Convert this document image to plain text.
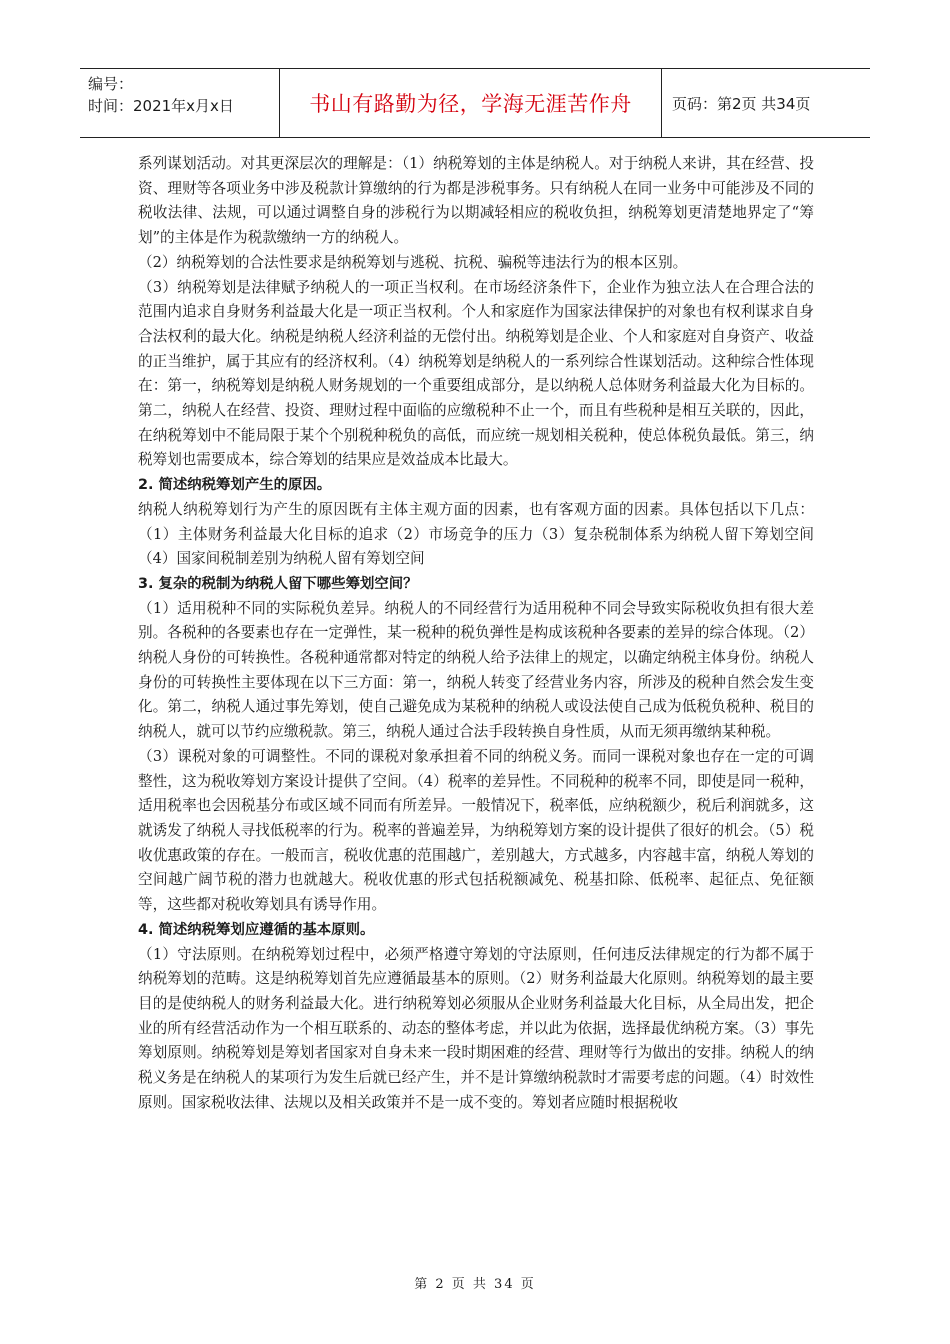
编号：
时间：2021年x月x日	书山有路勤为径，学海无涯苦作舟	页码：第2页 共34页

系列谋划活动。对其更深层次的理解是：（1）纳税筹划的主体是纳税人。对于纳税人来讲，其在经营、投资、理财等各项业务中涉及税款计算缴纳的行为都是涉税事务。只有纳税人在同一业务中可能涉及不同的税收法律、法规，可以通过调整自身的涉税行为以期减轻相应的税收负担，纳税筹划更清楚地界定了“筹划”的主体是作为税款缴纳一方的纳税人。

（2）纳税筹划的合法性要求是纳税筹划与逃税、抗税、骗税等违法行为的根本区别。

（3）纳税筹划是法律赋予纳税人的一项正当权利。在市场经济条件下，企业作为独立法人在合理合法的范围内追求自身财务利益最大化是一项正当权利。个人和家庭作为国家法律保护的对象也有权利谋求自身合法权利的最大化。纳税是纳税人经济利益的无偿付出。纳税筹划是企业、个人和家庭对自身资产、收益的正当维护，属于其应有的经济权利。（4）纳税筹划是纳税人的一系列综合性谋划活动。这种综合性体现在：第一，纳税筹划是纳税人财务规划的一个重要组成部分，是以纳税人总体财务利益最大化为目标的。第二，纳税人在经营、投资、理财过程中面临的应缴税种不止一个，而且有些税种是相互关联的，因此，在纳税筹划中不能局限于某个个别税种税负的高低，而应统一规划相关税种，使总体税负最低。第三，纳税筹划也需要成本，综合筹划的结果应是效益成本比最大。

2. 简述纳税筹划产生的原因。

纳税人纳税筹划行为产生的原因既有主体主观方面的因素，也有客观方面的因素。具体包括以下几点：（1）主体财务利益最大化目标的追求（2）市场竞争的压力（3）复杂税制体系为纳税人留下筹划空间（4）国家间税制差别为纳税人留有筹划空间

3. 复杂的税制为纳税人留下哪些筹划空间？

（1）适用税种不同的实际税负差异。纳税人的不同经营行为适用税种不同会导致实际税收负担有很大差别。各税种的各要素也存在一定弹性，某一税种的税负弹性是构成该税种各要素的差异的综合体现。（2）纳税人身份的可转换性。各税种通常都对特定的纳税人给予法律上的规定，以确定纳税主体身份。纳税人身份的可转换性主要体现在以下三方面：第一，纳税人转变了经营业务内容，所涉及的税种自然会发生变化。第二，纳税人通过事先筹划，使自己避免成为某税种的纳税人或设法使自己成为低税负税种、税目的纳税人，就可以节约应缴税款。第三，纳税人通过合法手段转换自身性质，从而无须再缴纳某种税。

（3）课税对象的可调整性。不同的课税对象承担着不同的纳税义务。而同一课税对象也存在一定的可调整性，这为税收筹划方案设计提供了空间。（4）税率的差异性。不同税种的税率不同，即使是同一税种，适用税率也会因税基分布或区域不同而有所差异。一般情况下，税率低，应纳税额少，税后利润就多，这就诱发了纳税人寻找低税率的行为。税率的普遍差异，为纳税筹划方案的设计提供了很好的机会。（5）税收优惠政策的存在。一般而言，税收优惠的范围越广，差别越大，方式越多，内容越丰富，纳税人筹划的空间越广阔节税的潜力也就越大。税收优惠的形式包括税额减免、税基扣除、低税率、起征点、免征额等，这些都对税收筹划具有诱导作用。

4. 简述纳税筹划应遵循的基本原则。

（1）守法原则。在纳税筹划过程中，必须严格遵守筹划的守法原则，任何违反法律规定的行为都不属于纳税筹划的范畴。这是纳税筹划首先应遵循最基本的原则。（2）财务利益最大化原则。纳税筹划的最主要目的是使纳税人的财务利益最大化。进行纳税筹划必须服从企业财务利益最大化目标，从全局出发，把企业的所有经营活动作为一个相互联系的、动态的整体考虑，并以此为依据，选择最优纳税方案。（3）事先筹划原则。纳税筹划是筹划者国家对自身未来一段时期困难的经营、理财等行为做出的安排。纳税人的纳税义务是在纳税人的某项行为发生后就已经产生，并不是计算缴纳税款时才需要考虑的问题。（4）时效性原则。国家税收法律、法规以及相关政策并不是一成不变的。筹划者应随时根据税收

第 2 页 共 34 页
